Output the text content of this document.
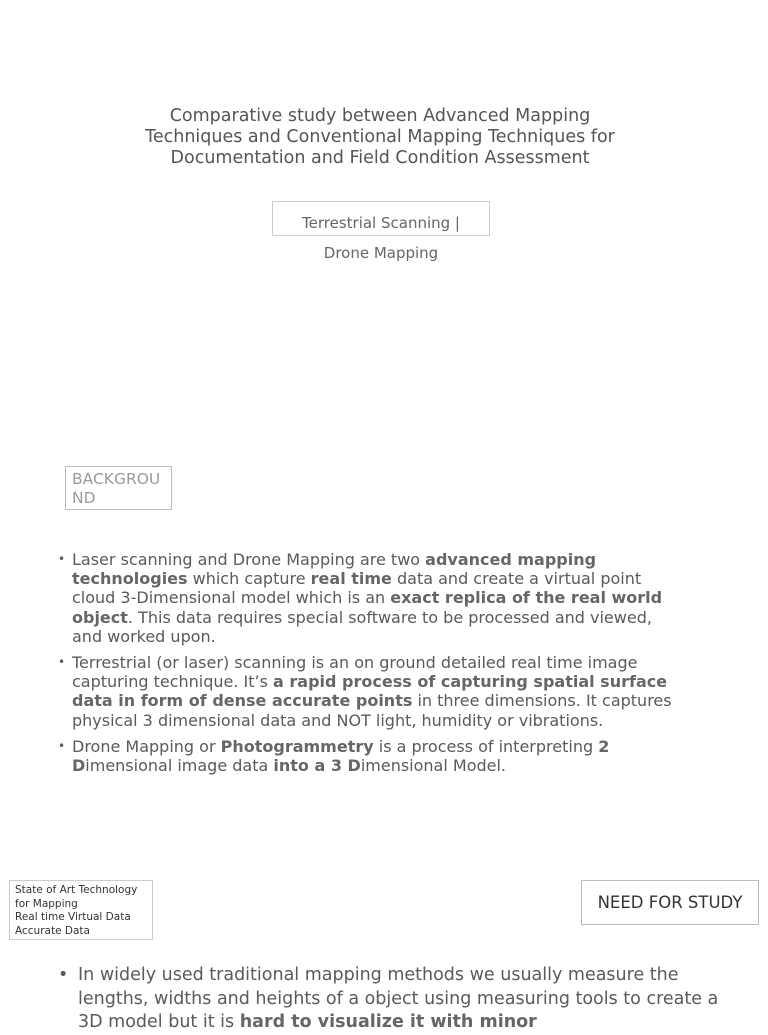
Comparative study between Advanced Mapping Techniques and Conventional Mapping Techniques for Documentation and Field Condition Assessment
Terrestrial Scanning |
Drone Mapping
BACKGROUND
• Laser scanning and Drone Mapping are two advanced mapping technologies which capture real time data and create a virtual point cloud 3-Dimensional model which is an exact replica of the real world object. This data requires special software to be processed and viewed, and worked upon.
• Terrestrial (or laser) scanning is an on ground detailed real time image capturing technique. It’s a rapid process of capturing spatial surface data in form of dense accurate points in three dimensions. It captures physical 3 dimensional data and NOT light, humidity or vibrations.
• Drone Mapping or Photogrammetry is a process of interpreting 2 Dimensional image data into a 3 Dimensional Model.
State of Art Technology
for Mapping
Real time Virtual Data
Accurate Data
NEED FOR STUDY
• In widely used traditional mapping methods we usually measure the lengths, widths and heights of a object using measuring tools to create a 3D model but it is hard to visualize it with minor
